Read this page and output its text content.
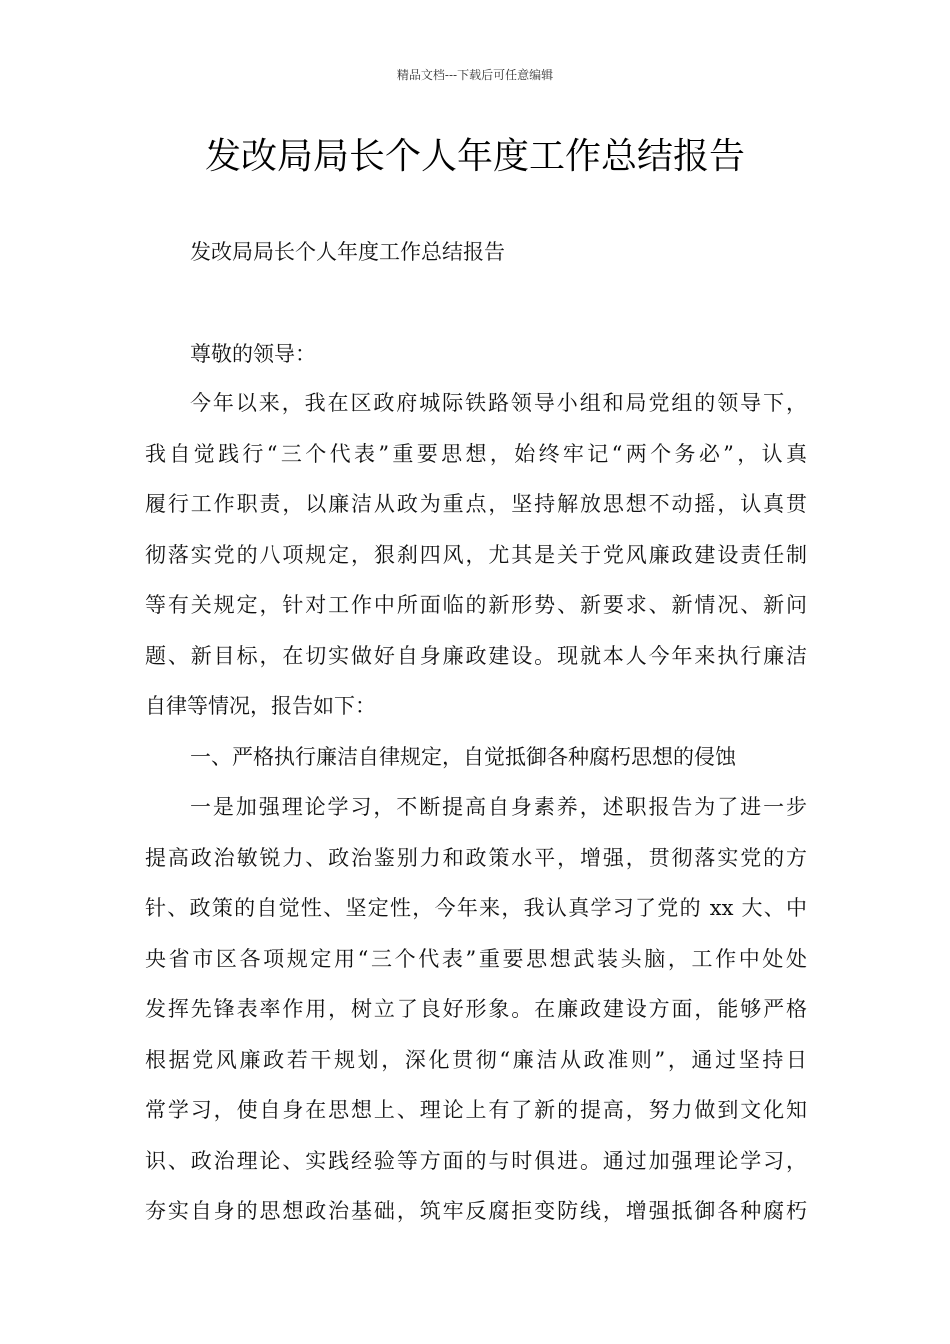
精品文档---下载后可任意编辑
发改局局长个人年度工作总结报告

发改局局长个人年度工作总结报告

尊敬的领导：

今年以来，我在区政府城际铁路领导小组和局党组的领导下，
我自觉践行“三个代表”重要思想，始终牢记“两个务必”，认真
履行工作职责，以廉洁从政为重点，坚持解放思想不动摇，认真贯
彻落实党的八项规定，狠刹四风，尤其是关于党风廉政建设责任制
等有关规定，针对工作中所面临的新形势、新要求、新情况、新问
题、新目标，在切实做好自身廉政建设。现就本人今年来执行廉洁
自律等情况，报告如下：
一、严格执行廉洁自律规定，自觉抵御各种腐朽思想的侵蚀
一是加强理论学习，不断提高自身素养，述职报告为了进一步
提高政治敏锐力、政治鉴别力和政策水平，增强，贯彻落实党的方
针、政策的自觉性、坚定性，今年来，我认真学习了党的 xx 大、中
央省市区各项规定用“三个代表”重要思想武装头脑，工作中处处
发挥先锋表率作用，树立了良好形象。在廉政建设方面，能够严格
根据党风廉政若干规划，深化贯彻“廉洁从政准则”，通过坚持日
常学习，使自身在思想上、理论上有了新的提高，努力做到文化知
识、政治理论、实践经验等方面的与时俱进。通过加强理论学习，
夯实自身的思想政治基础，筑牢反腐拒变防线，增强抵御各种腐朽
